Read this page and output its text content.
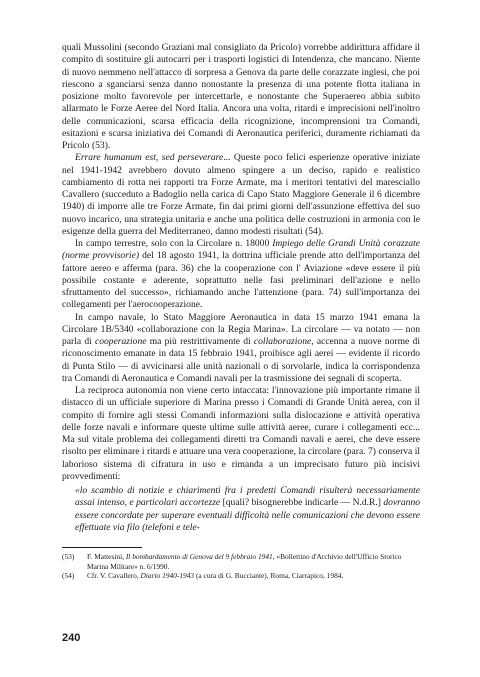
quali Mussolini (secondo Graziani mal consigliato da Pricolo) vorrebbe addirittura affidare il compito di sostituire gli autocarri per i trasporti logistici di Intendenza, che mancano. Niente di nuovo nemmeno nell'attacco di sorpresa a Genova da parte delle corazzate inglesi, che poi riescono a sganciarsi senza danno nonostante la presenza di una potente flotta italiana in posizione molto favorevole per intercettarle, e nonostante che Superaereo abbia subito allarmato le Forze Aeree del Nord Italia. Ancora una volta, ritardi e imprecisioni nell'inoltro delle comunicazioni, scarsa efficacia della ricognizione, incomprensioni tra Comandi, esitazioni e scarsa iniziativa dei Comandi di Aeronautica periferici, duramente richiamati da Pricolo (53).

Errare humanum est, sed perseverare... Queste poco felici esperienze operative iniziate nel 1941-1942 avrebbero dovuto almeno spingere a un deciso, rapido e realistico cambiamento di rotta nei rapporti tra Forze Armate, ma i meritori tentativi del maresciallo Cavallero (succeduto a Badoglio nella carica di Capo Stato Maggiore Generale il 6 dicembre 1940) di imporre alle tre Forze Armate, fin dai primi giorni dell'assunzione effettiva del suo nuovo incarico, una strategia unitaria e anche una politica delle costruzioni in armonia con le esigenze della guerra del Mediterraneo, danno modesti risultati (54).

In campo terrestre, solo con la Circolare n. 18000 Impiego delle Grandi Unità corazzate (norme provvisorie) del 18 agosto 1941, la dottrina ufficiale prende atto dell'importanza del fattore aereo e afferma (para. 36) che la cooperazione con l' Aviazione «deve essere il più possibile costante e aderente, soprattutto nelle fasi preliminari dell'azione e nello sfruttamento del successo», richiamando anche l'attenzione (para. 74) sull'importanza dei collegamenti per l'aerocooperazione.

In campo navale, lo Stato Maggiore Aeronautica in data 15 marzo 1941 emana la Circolare 1B/5340 «collaborazione con la Regia Marina». La circolare — va notato — non parla di cooperazione ma più restrittivamente di collaborazione, accenna a nuove norme di riconoscimento emanate in data 15 febbraio 1941, proibisce agli aerei — evidente il ricordo di Punta Stilo — di avvicinarsi alle unità nazionali o di sorvolarle, indica la corrispondenza tra Comandi di Aeronautica e Comandi navali per la trasmissione dei segnali di scoperta.

La reciproca autonomia non viene certo intaccata: l'innovazione più importante rimane il distacco di un ufficiale superiore di Marina presso i Comandi di Grande Unità aerea, con il compito di fornire agli stessi Comandi informazioni sulla dislocazione e attività operativa delle forze navali e informare queste ultime sulle attività aeree, curare i collegamenti ecc... Ma sul vitale problema dei collegamenti diretti tra Comandi navali e aerei, che deve essere risolto per eliminare i ritardi e attuare una vera cooperazione, la circolare (para. 7) conserva il laborioso sistema di cifratura in uso e rimanda a un imprecisato futuro più incisivi provvedimenti:

«lo scambio di notizie e chiarimenti fra i predetti Comandi risulterà necessariamente assai intenso, e particolari accortezze [quali? bisognerebbe indicarle — N.d.R.] dovranno essere concordate per superare eventuali difficoltà nelle comunicazioni che devono essere effettuate via filo (telefoni e tele-

(53)	F. Mattesini, Il bombardamento di Genova del 9 febbraio 1941, «Bollettino d'Archivio dell'Ufficio Storico Marina Militare» n. 6/1990.
(54)	Cfr. V. Cavallero, Diario 1940-1943 (a cura di G. Bucciante), Roma, Ciarrapico, 1984.
240
